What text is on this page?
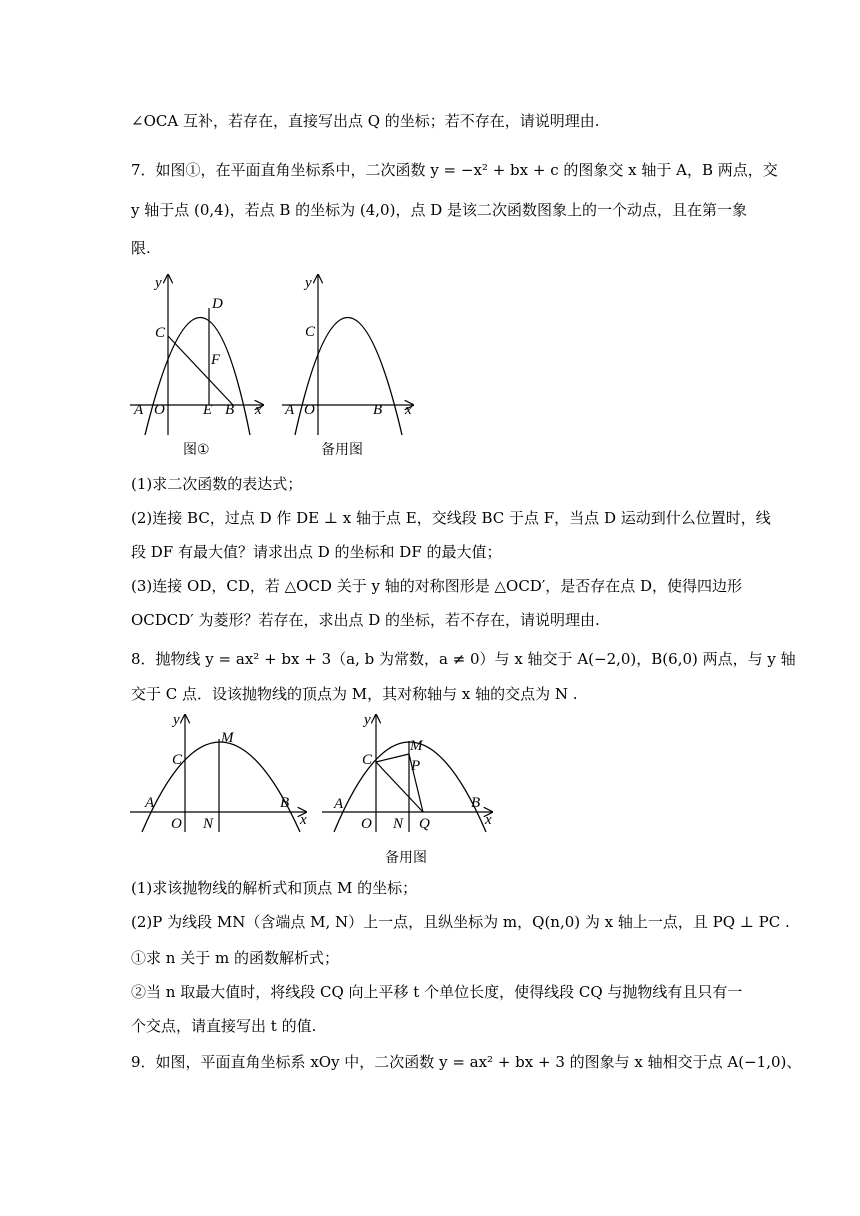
∠OCA 互补，若存在，直接写出点 Q 的坐标；若不存在，请说明理由.
7．如图①，在平面直角坐标系中，二次函数 y = −x² + bx + c 的图象交 x 轴于 A，B 两点，交
y 轴于点 (0,4)，若点 B 的坐标为 (4,0)，点 D 是该二次函数图象上的一个动点，且在第一象
限.
(1)求二次函数的表达式；
(2)连接 BC，过点 D 作 DE ⊥ x 轴于点 E，交线段 BC 于点 F，当点 D 运动到什么位置时，线
段 DF 有最大值？请求出点 D 的坐标和 DF 的最大值；
(3)连接 OD，CD，若 △OCD 关于 y 轴的对称图形是 △OCD′，是否存在点 D，使得四边形
OCDCD′ 为菱形？若存在，求出点 D 的坐标，若不存在，请说明理由.
8．抛物线 y = ax² + bx + 3（a, b 为常数，a ≠ 0）与 x 轴交于 A(−2,0)，B(6,0) 两点，与 y 轴
交于 C 点．设该抛物线的顶点为 M，其对称轴与 x 轴的交点为 N .
(1)求该抛物线的解析式和顶点 M 的坐标；
(2)P 为线段 MN（含端点 M, N）上一点，且纵坐标为 m，Q(n,0) 为 x 轴上一点，且 PQ ⊥ PC .
①求 n 关于 m 的函数解析式；
②当 n 取最大值时，将线段 CQ 向上平移 t 个单位长度，使得线段 CQ 与抛物线有且只有一
个交点，请直接写出 t 的值.
9．如图，平面直角坐标系 xOy 中，二次函数 y = ax² + bx + 3 的图象与 x 轴相交于点 A(−1,0)、
y
C
D
F
A O	E B x
图①
y
C
A O	B x
备用图
y
M
C
A	B
O N	x
y
M
P
C
A	B
O N Q	x
备用图
